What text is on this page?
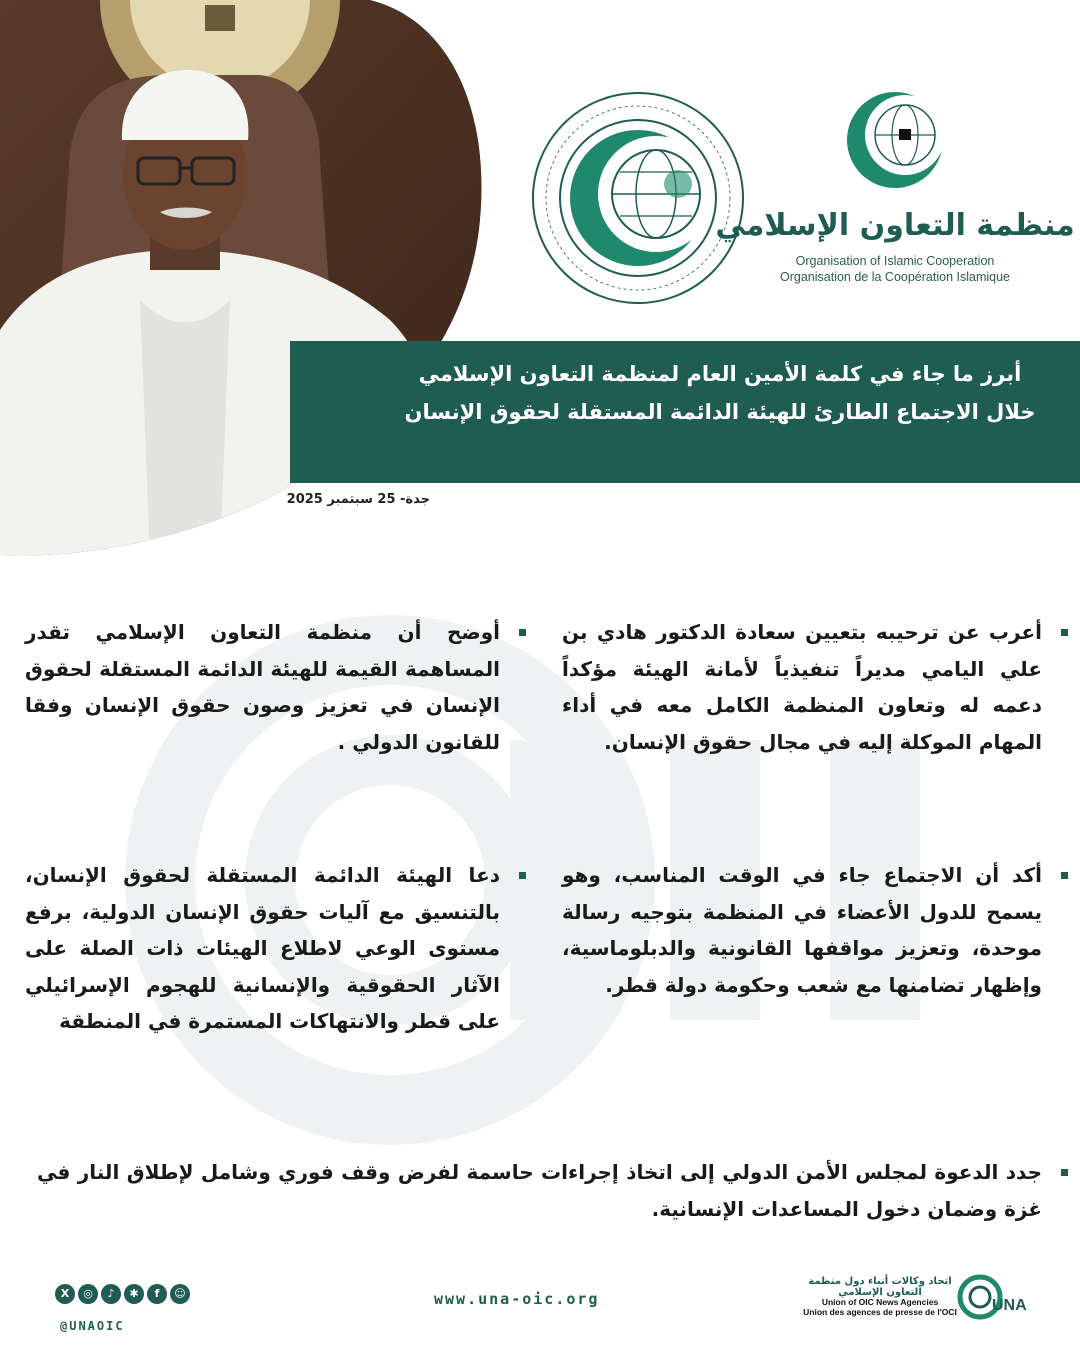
منظمة التعاون الإسلامي
Organisation of Islamic Cooperation
Organisation de la Coopération Islamique
أبرز ما جاء في كلمة الأمين العام لمنظمة التعاون الإسلامي خلال الاجتماع الطارئ للهيئة الدائمة المستقلة لحقوق الإنسان
جدة- 25 سبتمبر 2025
أعرب عن ترحيبه بتعيين سعادة الدكتور هادي بن علي اليامي مديراً تنفيذياً لأمانة الهيئة مؤكداً دعمه له وتعاون المنظمة الكامل معه في أداء المهام الموكلة إليه في مجال حقوق الإنسان.
أوضح أن منظمة التعاون الإسلامي تقدر المساهمة القيمة للهيئة الدائمة المستقلة لحقوق الإنسان في تعزيز وصون حقوق الإنسان وفقا للقانون الدولي .
أكد أن الاجتماع جاء في الوقت المناسب، وهو يسمح للدول الأعضاء في المنظمة بتوجيه رسالة موحدة، وتعزيز مواقفها القانونية والدبلوماسية، وإظهار تضامنها مع شعب وحكومة دولة قطر.
دعا الهيئة الدائمة المستقلة لحقوق الإنسان، بالتنسيق مع آليات حقوق الإنسان الدولية، برفع مستوى الوعي لاطلاع الهيئات ذات الصلة على الآثار الحقوقية والإنسانية للهجوم الإسرائيلي على قطر والانتهاكات المستمرة في المنطقة
جدد الدعوة لمجلس الأمن الدولي إلى اتخاذ إجراءات حاسمة لفرض وقف فوري وشامل لإطلاق النار في غزة وضمان دخول المساعدات الإنسانية.
X	◎	♪	✱	f	☺
@UNAOIC
www.una-oic.org	UNA
اتحاد وكالات أنباء دول منظمة التعاون الإسلامي
Union of OIC News Agencies
Union des agences de presse de l'OCI
